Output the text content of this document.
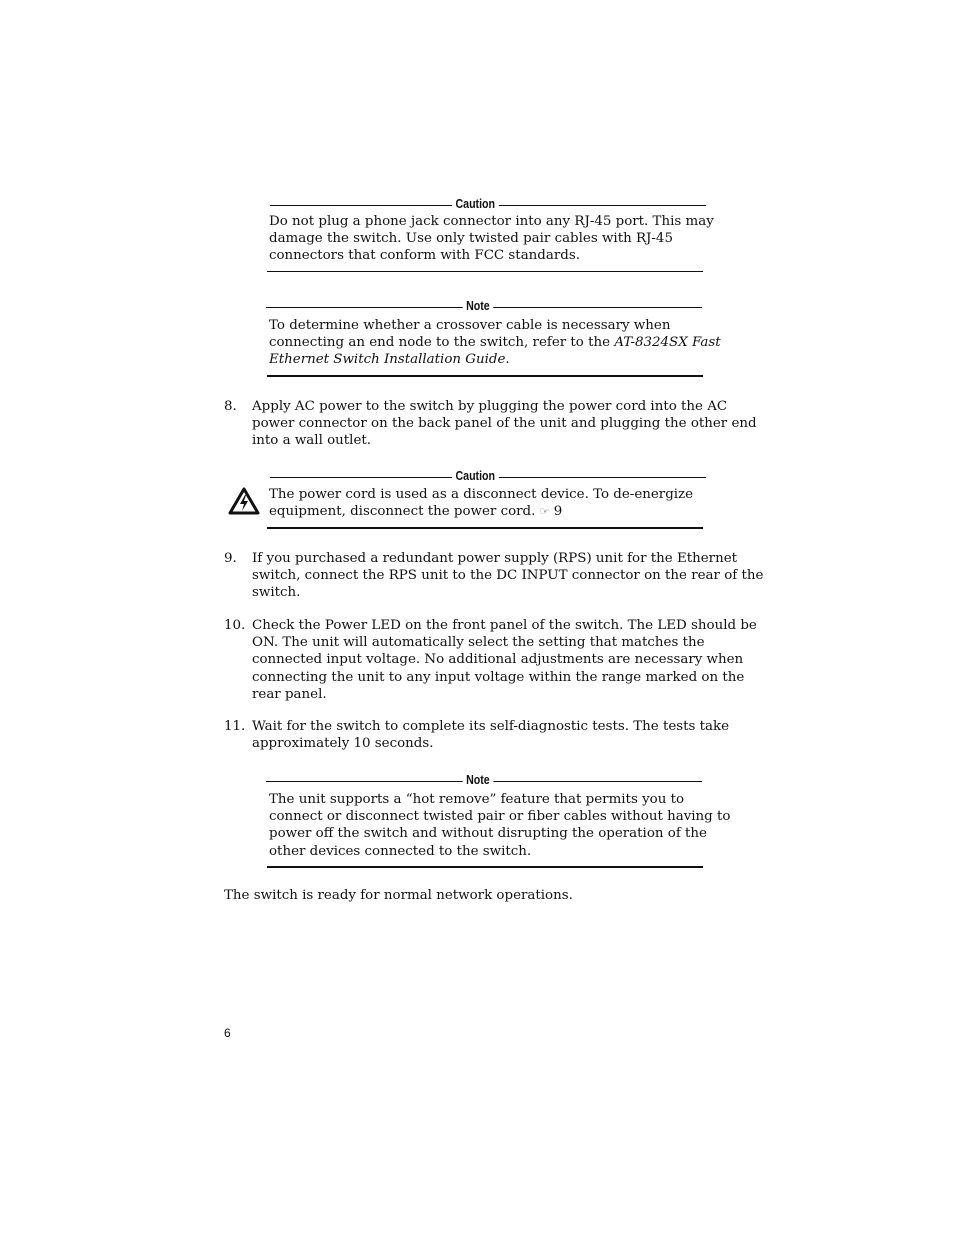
Caution
Do not plug a phone jack connector into any RJ-45 port. This may
damage the switch. Use only twisted pair cables with RJ-45
connectors that conform with FCC standards.
Note
To determine whether a crossover cable is necessary when
connecting an end node to the switch, refer to the AT-8324SX Fast
Ethernet Switch Installation Guide.
8.	Apply AC power to the switch by plugging the power cord into the AC
power connector on the back panel of the unit and plugging the other end
into a wall outlet.
Caution
The power cord is used as a disconnect device. To de-energize
equipment, disconnect the power cord. ☞ 9
9.	If you purchased a redundant power supply (RPS) unit for the Ethernet
switch, connect the RPS unit to the DC INPUT connector on the rear of the
switch.
10. Check the Power LED on the front panel of the switch. The LED should be
ON. The unit will automatically select the setting that matches the
connected input voltage. No additional adjustments are necessary when
connecting the unit to any input voltage within the range marked on the
rear panel.
11. Wait for the switch to complete its self-diagnostic tests. The tests take
approximately 10 seconds.
Note
The unit supports a “hot remove” feature that permits you to
connect or disconnect twisted pair or fiber cables without having to
power off the switch and without disrupting the operation of the
other devices connected to the switch.
The switch is ready for normal network operations.
6
